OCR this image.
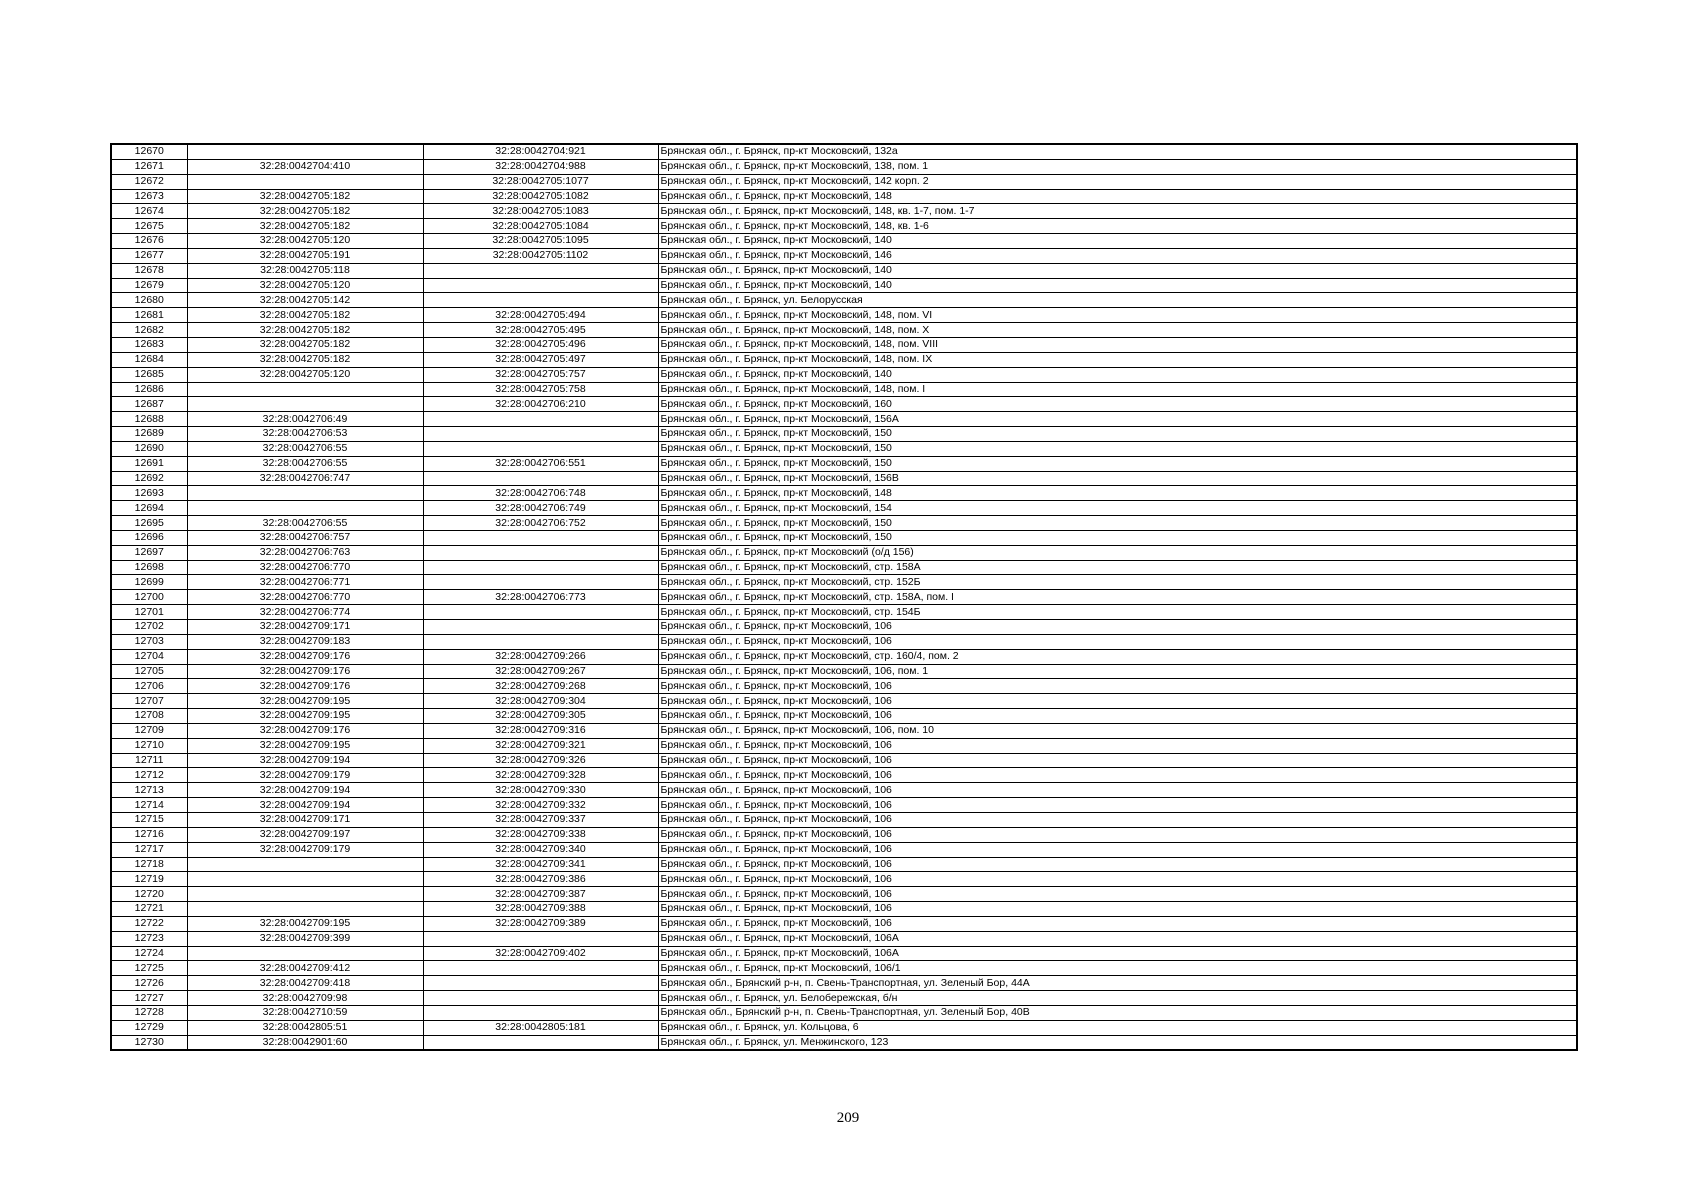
12670		32:28:0042704:921	Брянская обл., г. Брянск, пр-кт Московский, 132а
12671	32:28:0042704:410	32:28:0042704:988	Брянская обл., г. Брянск, пр-кт Московский, 138, пом. 1
12672		32:28:0042705:1077	Брянская обл., г. Брянск, пр-кт Московский, 142 корп. 2
12673	32:28:0042705:182	32:28:0042705:1082	Брянская обл., г. Брянск, пр-кт Московский, 148
12674	32:28:0042705:182	32:28:0042705:1083	Брянская обл., г. Брянск, пр-кт Московский, 148, кв. 1-7, пом. 1-7
12675	32:28:0042705:182	32:28:0042705:1084	Брянская обл., г. Брянск, пр-кт Московский, 148, кв. 1-6
12676	32:28:0042705:120	32:28:0042705:1095	Брянская обл., г. Брянск, пр-кт Московский, 140
12677	32:28:0042705:191	32:28:0042705:1102	Брянская обл., г. Брянск, пр-кт Московский, 146
12678	32:28:0042705:118		Брянская обл., г. Брянск, пр-кт Московский, 140
12679	32:28:0042705:120		Брянская обл., г. Брянск, пр-кт Московский, 140
12680	32:28:0042705:142		Брянская обл., г. Брянск, ул. Белорусская
12681	32:28:0042705:182	32:28:0042705:494	Брянская обл., г. Брянск, пр-кт Московский, 148, пом. VI
12682	32:28:0042705:182	32:28:0042705:495	Брянская обл., г. Брянск, пр-кт Московский, 148, пом. X
12683	32:28:0042705:182	32:28:0042705:496	Брянская обл., г. Брянск, пр-кт Московский, 148, пом. VIII
12684	32:28:0042705:182	32:28:0042705:497	Брянская обл., г. Брянск, пр-кт Московский, 148, пом. IX
12685	32:28:0042705:120	32:28:0042705:757	Брянская обл., г. Брянск, пр-кт Московский, 140
12686		32:28:0042705:758	Брянская обл., г. Брянск, пр-кт Московский, 148, пом. I
12687		32:28:0042706:210	Брянская обл., г. Брянск, пр-кт Московский, 160
12688	32:28:0042706:49		Брянская обл., г. Брянск, пр-кт Московский, 156А
12689	32:28:0042706:53		Брянская обл., г. Брянск, пр-кт Московский, 150
12690	32:28:0042706:55		Брянская обл., г. Брянск, пр-кт Московский, 150
12691	32:28:0042706:55	32:28:0042706:551	Брянская обл., г. Брянск, пр-кт Московский, 150
12692	32:28:0042706:747		Брянская обл., г. Брянск, пр-кт Московский, 156В
12693		32:28:0042706:748	Брянская обл., г. Брянск, пр-кт Московский, 148
12694		32:28:0042706:749	Брянская обл., г. Брянск, пр-кт Московский, 154
12695	32:28:0042706:55	32:28:0042706:752	Брянская обл., г. Брянск, пр-кт Московский, 150
12696	32:28:0042706:757		Брянская обл., г. Брянск, пр-кт Московский, 150
12697	32:28:0042706:763		Брянская обл., г. Брянск, пр-кт Московский (о/д 156)
12698	32:28:0042706:770		Брянская обл., г. Брянск, пр-кт Московский, стр. 158А
12699	32:28:0042706:771		Брянская обл., г. Брянск, пр-кт Московский, стр. 152Б
12700	32:28:0042706:770	32:28:0042706:773	Брянская обл., г. Брянск, пр-кт Московский, стр. 158А, пом. I
12701	32:28:0042706:774		Брянская обл., г. Брянск, пр-кт Московский, стр. 154Б
12702	32:28:0042709:171		Брянская обл., г. Брянск, пр-кт Московский, 106
12703	32:28:0042709:183		Брянская обл., г. Брянск, пр-кт Московский, 106
12704	32:28:0042709:176	32:28:0042709:266	Брянская обл., г. Брянск, пр-кт Московский, стр. 160/4, пом. 2
12705	32:28:0042709:176	32:28:0042709:267	Брянская обл., г. Брянск, пр-кт Московский, 106, пом. 1
12706	32:28:0042709:176	32:28:0042709:268	Брянская обл., г. Брянск, пр-кт Московский, 106
12707	32:28:0042709:195	32:28:0042709:304	Брянская обл., г. Брянск, пр-кт Московский, 106
12708	32:28:0042709:195	32:28:0042709:305	Брянская обл., г. Брянск, пр-кт Московский, 106
12709	32:28:0042709:176	32:28:0042709:316	Брянская обл., г. Брянск, пр-кт Московский, 106, пом. 10
12710	32:28:0042709:195	32:28:0042709:321	Брянская обл., г. Брянск, пр-кт Московский, 106
12711	32:28:0042709:194	32:28:0042709:326	Брянская обл., г. Брянск, пр-кт Московский, 106
12712	32:28:0042709:179	32:28:0042709:328	Брянская обл., г. Брянск, пр-кт Московский, 106
12713	32:28:0042709:194	32:28:0042709:330	Брянская обл., г. Брянск, пр-кт Московский, 106
12714	32:28:0042709:194	32:28:0042709:332	Брянская обл., г. Брянск, пр-кт Московский, 106
12715	32:28:0042709:171	32:28:0042709:337	Брянская обл., г. Брянск, пр-кт Московский, 106
12716	32:28:0042709:197	32:28:0042709:338	Брянская обл., г. Брянск, пр-кт Московский, 106
12717	32:28:0042709:179	32:28:0042709:340	Брянская обл., г. Брянск, пр-кт Московский, 106
12718		32:28:0042709:341	Брянская обл., г. Брянск, пр-кт Московский, 106
12719		32:28:0042709:386	Брянская обл., г. Брянск, пр-кт Московский, 106
12720		32:28:0042709:387	Брянская обл., г. Брянск, пр-кт Московский, 106
12721		32:28:0042709:388	Брянская обл., г. Брянск, пр-кт Московский, 106
12722	32:28:0042709:195	32:28:0042709:389	Брянская обл., г. Брянск, пр-кт Московский, 106
12723	32:28:0042709:399		Брянская обл., г. Брянск, пр-кт Московский, 106А
12724		32:28:0042709:402	Брянская обл., г. Брянск, пр-кт Московский, 106А
12725	32:28:0042709:412		Брянская обл., г. Брянск, пр-кт Московский, 106/1
12726	32:28:0042709:418		Брянская обл., Брянский р-н, п. Свень-Транспортная, ул. Зеленый Бор, 44А
12727	32:28:0042709:98		Брянская обл., г. Брянск, ул. Белобережская, б/н
12728	32:28:0042710:59		Брянская обл., Брянский р-н, п. Свень-Транспортная, ул. Зеленый Бор, 40В
12729	32:28:0042805:51	32:28:0042805:181	Брянская обл., г. Брянск, ул. Кольцова, 6
12730	32:28:0042901:60		Брянская обл., г. Брянск, ул. Менжинского, 123
209
